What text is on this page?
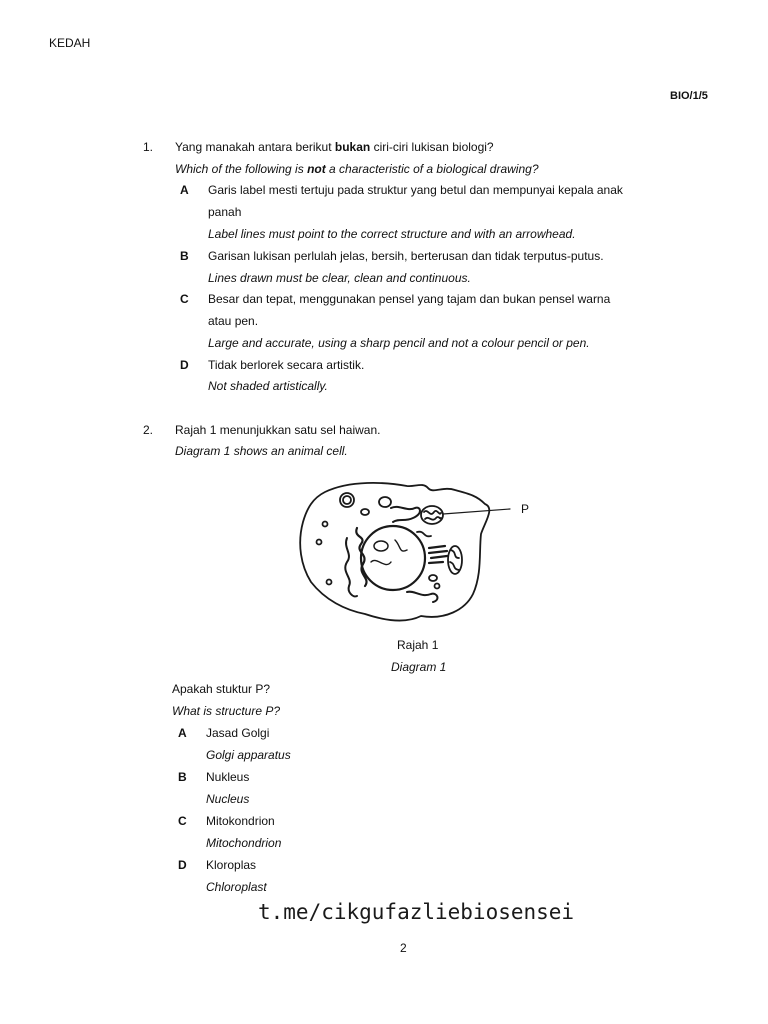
KEDAH
BIO/1/5
1. Yang manakah antara berikut bukan ciri-ciri lukisan biologi?
Which of the following is not a characteristic of a biological drawing?
A Garis label mesti tertuju pada struktur yang betul dan mempunyai kepala anak
panah
Label lines must point to the correct structure and with an arrowhead.
B Garisan lukisan perlulah jelas, bersih, berterusan dan tidak terputus-putus.
Lines drawn must be clear, clean and continuous.
C Besar dan tepat, menggunakan pensel yang tajam dan bukan pensel warna
atau pen.
Large and accurate, using a sharp pencil and not a colour pencil or pen.
D Tidak berlorek secara artistik.
Not shaded artistically.
2. Rajah 1 menunjukkan satu sel haiwan.
Diagram 1 shows an animal cell.
P
Rajah 1
Diagram 1
Apakah stuktur P?
What is structure P?
A Jasad Golgi
Golgi apparatus
B Nukleus
Nucleus
C Mitokondrion
Mitochondrion
D Kloroplas
Chloroplast
t.me/cikgufazliebiosensei
2
